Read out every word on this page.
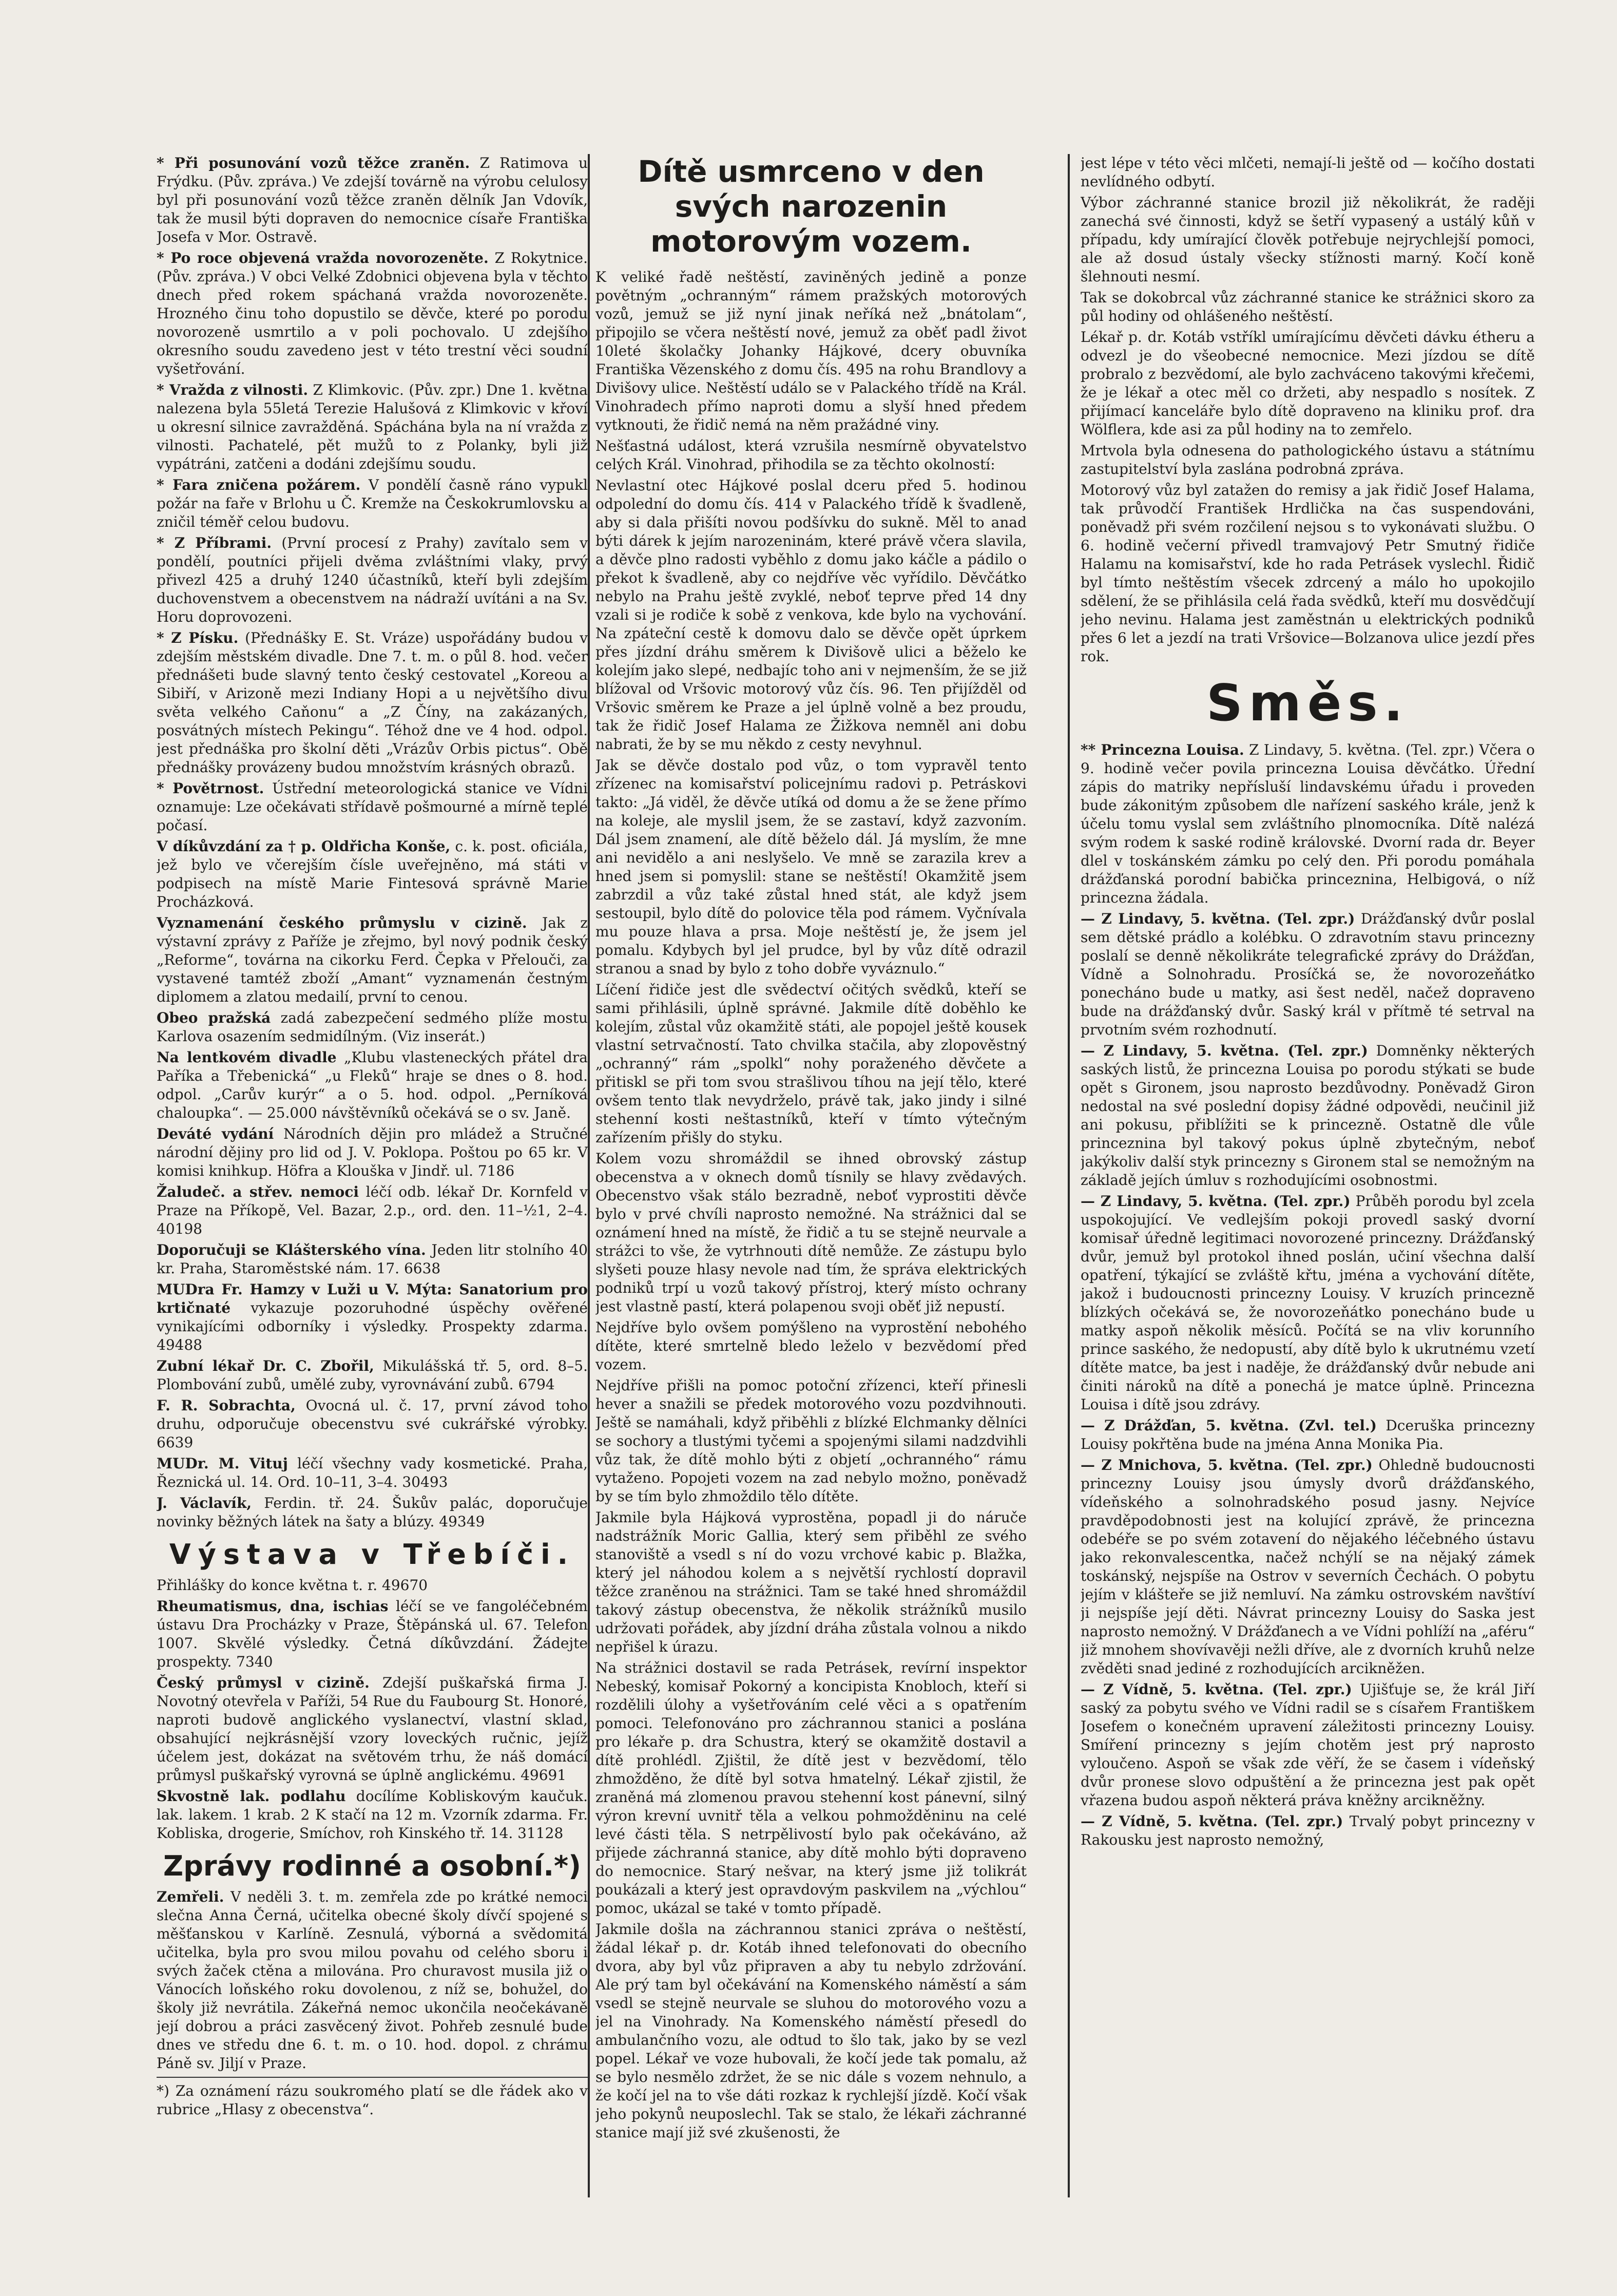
* Při posunování vozů těžce zraněn. Z Ratimova u Frýdku. (Pův. zpráva.) Ve zdejší továrně na výrobu celulosy byl při posunování vozů těžce zraněn dělník Jan Vdovík, tak že musil býti dopraven do nemocnice císaře Františka Josefa v Mor. Ostravě.

* Po roce objevená vražda novorozeněte. Z Rokytnice. (Pův. zpráva.) V obci Velké Zdobnici objevena byla v těchto dnech před rokem spáchaná vražda novorozeněte. Hrozného činu toho dopustilo se děvče, které po porodu novorozeně usmrtilo a v poli pochovalo. U zdejšího okresního soudu zavedeno jest v této trestní věci soudní vyšetřování.

* Vražda z vilnosti. Z Klimkovic. (Pův. zpr.) Dne 1. května nalezena byla 55letá Terezie Halušová z Klimkovic v křoví u okresní silnice zavražděná. Spáchána byla na ní vražda z vilnosti. Pachatelé, pět mužů to z Polanky, byli již vypátráni, zatčeni a dodáni zdejšímu soudu.

* Fara zničena požárem. V pondělí časně ráno vypukl požár na faře v Brlohu u Č. Kremže na Českokrumlovsku a zničil téměř celou budovu.

* Z Příbrami. (První procesí z Prahy) zavítalo sem v pondělí, poutníci přijeli dvěma zvláštními vlaky, prvý přivezl 425 a druhý 1240 účastníků, kteří byli zdejším duchovenstvem a obecenstvem na nádraží uvítáni a na Sv. Horu doprovozeni.

* Z Písku. (Přednášky E. St. Vráze) uspořádány budou v zdejším městském divadle. Dne 7. t. m. o půl 8. hod. večer přednášeti bude slavný tento český cestovatel „Koreou a Sibiří, v Arizoně mezi Indiany Hopi a u největšího divu světa velkého Caňonu“ a „Z Číny, na zakázaných, posvátných místech Pekingu“. Téhož dne ve 4 hod. odpol. jest přednáška pro školní děti „Vrázův Orbis pictus“. Obě přednášky provázeny budou množstvím krásných obrazů.

* Povětrnost. Ústřední meteorologická stanice ve Vídni oznamuje: Lze očekávati střídavě pošmourné a mírně teplé počasí.

V díkůvzdání za † p. Oldřicha Konše, c. k. post. oficiála, jež bylo ve včerejším čísle uveřejněno, má státi v podpisech na místě Marie Fintesová správně Marie Procházková.

Vyznamenání českého průmyslu v cizině. Jak z výstavní zprávy z Paříže je zřejmo, byl nový podnik český „Reforme“, továrna na cikorku Ferd. Čepka v Přelouči, za vystavené tamtéž zboží „Amant“ vyznamenán čestným diplomem a zlatou medailí, první to cenou.

Obeo pražská zadá zabezpečení sedmého plíže mostu Karlova osazením sedmidílným. (Viz inserát.)

Na lentkovém divadle „Klubu vlasteneckých přátel dra Paříka a Třebenická“ „u Fleků“ hraje se dnes o 8. hod. odpol. „Carův kurýr“ a o 5. hod. odpol. „Perníková chaloupka“. — 25.000 návštěvníků očekává se o sv. Janě.

Deváté vydání Národních dějin pro mládež a Stručné národní dějiny pro lid od J. V. Poklopa. Poštou po 65 kr. V komisi knihkup. Höfra a Klouška v Jindř. ul. 7186

Žaludeč. a střev. nemoci léčí odb. lékař Dr. Kornfeld v Praze na Příkopě, Vel. Bazar, 2.p., ord. den. 11–½1, 2–4. 40198

Doporučuji se Klášterského vína. Jeden litr stolního 40 kr. Praha, Staroměstské nám. 17. 6638

MUDra Fr. Hamzy v Luži u V. Mýta: Sanatorium pro krtičnaté vykazuje pozoruhodné úspěchy ověřené vynikajícími odborníky i výsledky. Prospekty zdarma. 49488

Zubní lékař Dr. C. Zbořil, Mikulášská tř. 5, ord. 8–5. Plombování zubů, umělé zuby, vyrovnávání zubů. 6794

F. R. Sobrachta, Ovocná ul. č. 17, první závod toho druhu, odporučuje obecenstvu své cukrářské výrobky. 6639

MUDr. M. Vituj léčí všechny vady kosmetické. Praha, Řeznická ul. 14. Ord. 10–11, 3–4. 30493

J. Václavík, Ferdin. tř. 24. Šukův palác, doporučuje novinky běžných látek na šaty a blúzy. 49349

Výstava v Třebíči.

Přihlášky do konce května t. r. 49670

Rheumatismus, dna, ischias léčí se ve fangoléčebném ústavu Dra Procházky v Praze, Štěpánská ul. 67. Telefon 1007. Skvělé výsledky. Četná díkůvzdání. Žádejte prospekty. 7340

Český průmysl v cizině. Zdejší puškařská firma J. Novotný otevřela v Paříži, 54 Rue du Faubourg St. Honoré, naproti budově anglického vyslanectví, vlastní sklad, obsahující nejkrásnější vzory loveckých ručnic, jejíž účelem jest, dokázat na světovém trhu, že náš domácí průmysl puškařský vyrovná se úplně anglickému. 49691

Skvostně lak. podlahu docílíme Kobliskovým kaučuk. lak. lakem. 1 krab. 2 K stačí na 12 m. Vzorník zdarma. Fr. Kobliska, drogerie, Smíchov, roh Kinského tř. 14. 31128

Zprávy rodinné a osobní.*)

Zemřeli. V neděli 3. t. m. zemřela zde po krátké nemoci slečna Anna Černá, učitelka obecné školy dívčí spojené s měšťanskou v Karlíně. Zesnulá, výborná a svědomitá učitelka, byla pro svou milou povahu od celého sboru i svých žaček ctěna a milována. Pro churavost musila již o Vánocích loňského roku dovolenou, z níž se, bohužel, do školy již nevrátila. Zákeřná nemoc ukončila neočekávaně její dobrou a práci zasvěcený život. Pohřeb zesnulé bude dnes ve středu dne 6. t. m. o 10. hod. dopol. z chrámu Páně sv. Jiljí v Praze.

*) Za oznámení rázu soukromého platí se dle řádek ako v rubrice „Hlasy z obecenstva“.

Dítě usmrceno v den svých narozenin motorovým vozem.

K veliké řadě neštěstí, zaviněných jedině a ponze povětným „ochranným“ rámem pražských motorových vozů, jemuž se již nyní jinak neříká než „bnátolam“, připojilo se včera neštěstí nové, jemuž za oběť padl život 10leté školačky Johanky Hájkové, dcery obuvníka Františka Vězenského z domu čís. 495 na rohu Brandlovy a Divišovy ulice. Neštěstí událo se v Palackého třídě na Král. Vinohradech přímo naproti domu a slyší hned předem vytknouti, že řidič nemá na něm pražádné viny.

Nešťastná událost, která vzrušila nesmírně obyvatelstvo celých Král. Vinohrad, přihodila se za těchto okolností:

Nevlastní otec Hájkové poslal dceru před 5. hodinou odpolední do domu čís. 414 v Palackého třídě k švadleně, aby si dala přišíti novou podšívku do sukně. Měl to anad býti dárek k jejím narozeninám, které právě včera slavila, a děvče plno radosti vyběhlo z domu jako káčle a pádilo o překot k švadleně, aby co nejdříve věc vyřídilo. Děvčátko nebylo na Prahu ještě zvyklé, neboť teprve před 14 dny vzali si je rodiče k sobě z venkova, kde bylo na vychování. Na zpáteční cestě k domovu dalo se děvče opět úprkem přes jízdní dráhu směrem k Divišově ulici a běželo ke kolejím jako slepé, nedbajíc toho ani v nejmenším, že se již blížoval od Vršovic motorový vůz čís. 96. Ten přijížděl od Vršovic směrem ke Praze a jel úplně volně a bez proudu, tak že řidič Josef Halama ze Žižkova nemněl ani dobu nabrati, že by se mu někdo z cesty nevyhnul.

Jak se děvče dostalo pod vůz, o tom vypravěl tento zřízenec na komisařství policejnímu radovi p. Petráskovi takto: „Já viděl, že děvče utíká od domu a že se žene přímo na koleje, ale myslil jsem, že se zastaví, když zazvoním. Dál jsem znamení, ale dítě běželo dál. Já myslím, že mne ani nevidělo a ani neslyšelo. Ve mně se zarazila krev a hned jsem si pomyslil: stane se neštěstí! Okamžitě jsem zabrzdil a vůz také zůstal hned stát, ale když jsem sestoupil, bylo dítě do polovice těla pod rámem. Vyčnívala mu pouze hlava a prsa. Moje neštěstí je, že jsem jel pomalu. Kdybych byl jel prudce, byl by vůz dítě odrazil stranou a snad by bylo z toho dobře vyváznulo.“

Líčení řidiče jest dle svědectví očitých svědků, kteří se sami přihlásili, úplně správné. Jakmile dítě doběhlo ke kolejím, zůstal vůz okamžitě státi, ale popojel ještě kousek vlastní setrvačností. Tato chvilka stačila, aby zlopověstný „ochranný“ rám „spolkl“ nohy poraženého děvčete a přitiskl se při tom svou strašlivou tíhou na její tělo, které ovšem tento tlak nevydrželo, právě tak, jako jindy i silné stehenní kosti neštastníků, kteří v tímto výtečným zařízením přišly do styku.

Kolem vozu shromáždil se ihned obrovský zástup obecenstva a v oknech domů tísnily se hlavy zvědavých. Obecenstvo však stálo bezradně, neboť vyprostiti děvče bylo v prvé chvíli naprosto nemožné. Na strážnici dal se oznámení hned na místě, že řidič a tu se stejně neurvale a strážci to vše, že vytrhnouti dítě nemůže. Ze zástupu bylo slyšeti pouze hlasy nevole nad tím, že správa elektrických podniků trpí u vozů takový přístroj, který místo ochrany jest vlastně pastí, která polapenou svoji oběť již nepustí.

Nejdříve bylo ovšem pomýšleno na vyprostění nebohého dítěte, které smrtelně bledo leželo v bezvědomí před vozem.

Nejdříve přišli na pomoc potoční zřízenci, kteří přinesli hever a snažili se předek motorového vozu pozdvihnouti. Ještě se namáhali, když přiběhli z blízké Elchmanky dělníci se sochory a tlustými tyčemi a spojenými silami nadzdvihli vůz tak, že dítě mohlo býti z objetí „ochranného“ rámu vytaženo. Popojeti vozem na zad nebylo možno, poněvadž by se tím bylo zhmoždilo tělo dítěte.

Jakmile byla Hájková vyprostěna, popadl ji do náruče nadstrážník Moric Gallia, který sem přiběhl ze svého stanoviště a vsedl s ní do vozu vrchové kabic p. Blažka, který jel náhodou kolem a s největší rychlostí dopravil těžce zraněnou na strážnici. Tam se také hned shromáždil takový zástup obecenstva, že několik strážníků musilo udržovati pořádek, aby jízdní dráha zůstala volnou a nikdo nepřišel k úrazu.

Na strážnici dostavil se rada Petrásek, revírní inspektor Nebeský, komisař Pokorný a koncipista Knobloch, kteří si rozdělili úlohy a vyšetřováním celé věci a s opatřením pomoci. Telefonováno pro záchrannou stanici a poslána pro lékaře p. dra Schustra, který se okamžitě dostavil a dítě prohlédl. Zjištil, že dítě jest v bezvědomí, tělo zhmožděno, že dítě byl sotva hmatelný. Lékař zjistil, že zraněná má zlomenou pravou stehenní kost pánevní, silný výron krevní uvnitř těla a velkou pohmožděninu na celé levé části těla. S netrpělivostí bylo pak očekáváno, až přijede záchranná stanice, aby dítě mohlo býti dopraveno do nemocnice. Starý nešvar, na který jsme již tolikrát poukázali a který jest opravdovým paskvilem na „výchlou“ pomoc, ukázal se také v tomto případě.

Jakmile došla na záchrannou stanici zpráva o neštěstí, žádal lékař p. dr. Kotáb ihned telefonovati do obecního dvora, aby byl vůz připraven a aby tu nebylo zdržování. Ale prý tam byl očekávání na Komenského náměstí a sám vsedl se stejně neurvale se sluhou do motorového vozu a jel na Vinohrady. Na Komenského náměstí přesedl do ambulančního vozu, ale odtud to šlo tak, jako by se vezl popel. Lékař ve voze hubovali, že kočí jede tak pomalu, až se bylo nesmělo zdržet, že se nic dále s vozem nehnulo, a že kočí jel na to vše dáti rozkaz k rychlejší jízdě. Kočí však jeho pokynů neuposlechl. Tak se stalo, že lékaři záchranné stanice mají již své zkušenosti, že

jest lépe v této věci mlčeti, nemají-li ještě od — kočího dostati nevlídného odbytí.

Výbor záchranné stanice brozil již několikrát, že raději zanechá své činnosti, když se šetří vypasený a ustálý kůň v případu, kdy umírající člověk potřebuje nejrychlejší pomoci, ale až dosud ústaly všecky stížnosti marný. Kočí koně šlehnouti nesmí.

Tak se dokobrcal vůz záchranné stanice ke strážnici skoro za půl hodiny od ohlášeného neštěstí.

Lékař p. dr. Kotáb vstříkl umírajícímu děvčeti dávku étheru a odvezl je do všeobecné nemocnice. Mezi jízdou se dítě probralo z bezvědomí, ale bylo zachváceno takovými křečemi, že je lékař a otec měl co držeti, aby nespadlo s nosítek. Z přijímací kanceláře bylo dítě dopraveno na kliniku prof. dra Wölflera, kde asi za půl hodiny na to zemřelo.

Mrtvola byla odnesena do pathologického ústavu a státnímu zastupitelství byla zaslána podrobná zpráva.

Motorový vůz byl zatažen do remisy a jak řidič Josef Halama, tak průvodčí František Hrdlička na čas suspendováni, poněvadž při svém rozčilení nejsou s to vykonávati službu. O 6. hodině večerní přivedl tramvajový Petr Smutný řidiče Halamu na komisařství, kde ho rada Petrásek vyslechl. Řidič byl tímto neštěstím všecek zdrcený a málo ho upokojilo sdělení, že se přihlásila celá řada svědků, kteří mu dosvědčují jeho nevinu. Halama jest zaměstnán u elektrických podniků přes 6 let a jezdí na trati Vršovice—Bolzanova ulice jezdí přes rok.

Směs.

** Princezna Louisa. Z Lindavy, 5. května. (Tel. zpr.) Včera o 9. hodině večer povila princezna Louisa děvčátko. Úřední zápis do matriky nepřísluší lindavskému úřadu i proveden bude zákonitým způsobem dle nařízení saského krále, jenž k účelu tomu vyslal sem zvláštního plnomocníka. Dítě nalézá svým rodem k saské rodině královské. Dvorní rada dr. Beyer dlel v toskánském zámku po celý den. Při porodu pomáhala drážďanská porodní babička princeznina, Helbigová, o níž princezna žádala.

— Z Lindavy, 5. května. (Tel. zpr.) Drážďanský dvůr poslal sem dětské prádlo a kolébku. O zdravotním stavu princezny poslalí se denně několikráte telegrafické zprávy do Drážďan, Vídně a Solnohradu. Prosíčká se, že novorozeňátko ponecháno bude u matky, asi šest neděl, načež dopraveno bude na drážďanský dvůr. Saský král v přítmě té setrval na prvotním svém rozhodnutí.

— Z Lindavy, 5. května. (Tel. zpr.) Domněnky některých saských listů, že princezna Louisa po porodu stýkati se bude opět s Gironem, jsou naprosto bezdůvodny. Poněvadž Giron nedostal na své poslední dopisy žádné odpovědi, neučinil již ani pokusu, přiblížiti se k princezně. Ostatně dle vůle princeznina byl takový pokus úplně zbytečným, neboť jakýkoliv další styk princezny s Gironem stal se nemožným na základě jejích úmluv s rozhodujícími osobnostmi.

— Z Lindavy, 5. května. (Tel. zpr.) Průběh porodu byl zcela uspokojující. Ve vedlejším pokoji provedl saský dvorní komisař úředně legitimaci novorozené princezny. Drážďanský dvůr, jemuž byl protokol ihned poslán, učiní všechna další opatření, týkající se zvláště křtu, jména a vychování dítěte, jakož i budoucnosti princezny Louisy. V kruzích princezně blízkých očekává se, že novorozeňátko ponecháno bude u matky aspoň několik měsíců. Počítá se na vliv korunního prince saského, že nedopustí, aby dítě bylo k ukrutnému vzetí dítěte matce, ba jest i naděje, že drážďanský dvůr nebude ani činiti nároků na dítě a ponechá je matce úplně. Princezna Louisa i dítě jsou zdrávy.

— Z Drážďan, 5. května. (Zvl. tel.) Dceruška princezny Louisy pokřtěna bude na jména Anna Monika Pia.

— Z Mnichova, 5. května. (Tel. zpr.) Ohledně budoucnosti princezny Louisy jsou úmysly dvorů drážďanského, vídeňského a solnohradského posud jasny. Nejvíce pravděpodobnosti jest na kolující zprávě, že princezna odebéře se po svém zotavení do nějakého léčebného ústavu jako rekonvalescentka, načež nchýlí se na nějaký zámek toskánský, nejspíše na Ostrov v severních Čechách. O pobytu jejím v klášteře se již nemluví. Na zámku ostrovském navštíví ji nejspíše její děti. Návrat princezny Louisy do Saska jest naprosto nemožný. V Drážďanech a ve Vídni pohlíží na „aféru“ již mnohem shovívavěji nežli dříve, ale z dvorních kruhů nelze zvěděti snad jediné z rozhodujících arcikněžen.

— Z Vídně, 5. května. (Tel. zpr.) Ujišťuje se, že král Jiří saský za pobytu svého ve Vídni radil se s císařem Františkem Josefem o konečném upravení záležitosti princezny Louisy. Smíření princezny s jejím chotěm jest prý naprosto vyloučeno. Aspoň se však zde věří, že se časem i vídeňský dvůr pronese slovo odpuštění a že princezna jest pak opět vřazena budou aspoň některá práva kněžny arcikněžny.

— Z Vídně, 5. května. (Tel. zpr.) Trvalý pobyt princezny v Rakousku jest naprosto nemožný,
